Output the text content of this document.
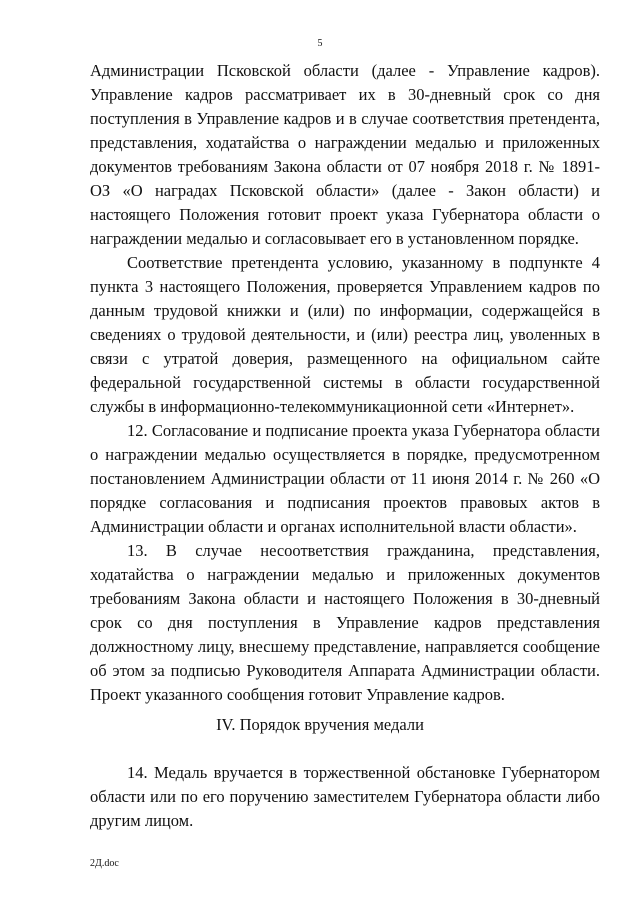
5

Администрации Псковской области (далее - Управление кадров). Управление кадров рассматривает их в 30-дневный срок со дня поступления в Управление кадров и в случае соответствия претендента, представления, ходатайства о награждении медалью и приложенных документов требованиям Закона области от 07 ноября 2018 г. № 1891-ОЗ «О наградах Псковской области» (далее - Закон области) и настоящего Положения готовит проект указа Губернатора области о награждении медалью и согласовывает его в установленном порядке.

Соответствие претендента условию, указанному в подпункте 4 пункта 3 настоящего Положения, проверяется Управлением кадров по данным трудовой книжки и (или) по информации, содержащейся в сведениях о трудовой деятельности, и (или) реестра лиц, уволенных в связи с утратой доверия, размещенного на официальном сайте федеральной государственной системы в области государственной службы в информационно-телекоммуникационной сети «Интернет».

12. Согласование и подписание проекта указа Губернатора области о награждении медалью осуществляется в порядке, предусмотренном постановлением Администрации области от 11 июня 2014 г. № 260 «О порядке согласования и подписания проектов правовых актов в Администрации области и органах исполнительной власти области».

13. В случае несоответствия гражданина, представления, ходатайства о награждении медалью и приложенных документов требованиям Закона области и настоящего Положения в 30-дневный срок со дня поступления в Управление кадров представления должностному лицу, внесшему представление, направляется сообщение об этом за подписью Руководителя Аппарата Администрации области. Проект указанного сообщения готовит Управление кадров.

IV. Порядок вручения медали

14. Медаль вручается в торжественной обстановке Губернатором области или по его поручению заместителем Губернатора области либо другим лицом.

2Д.doc
